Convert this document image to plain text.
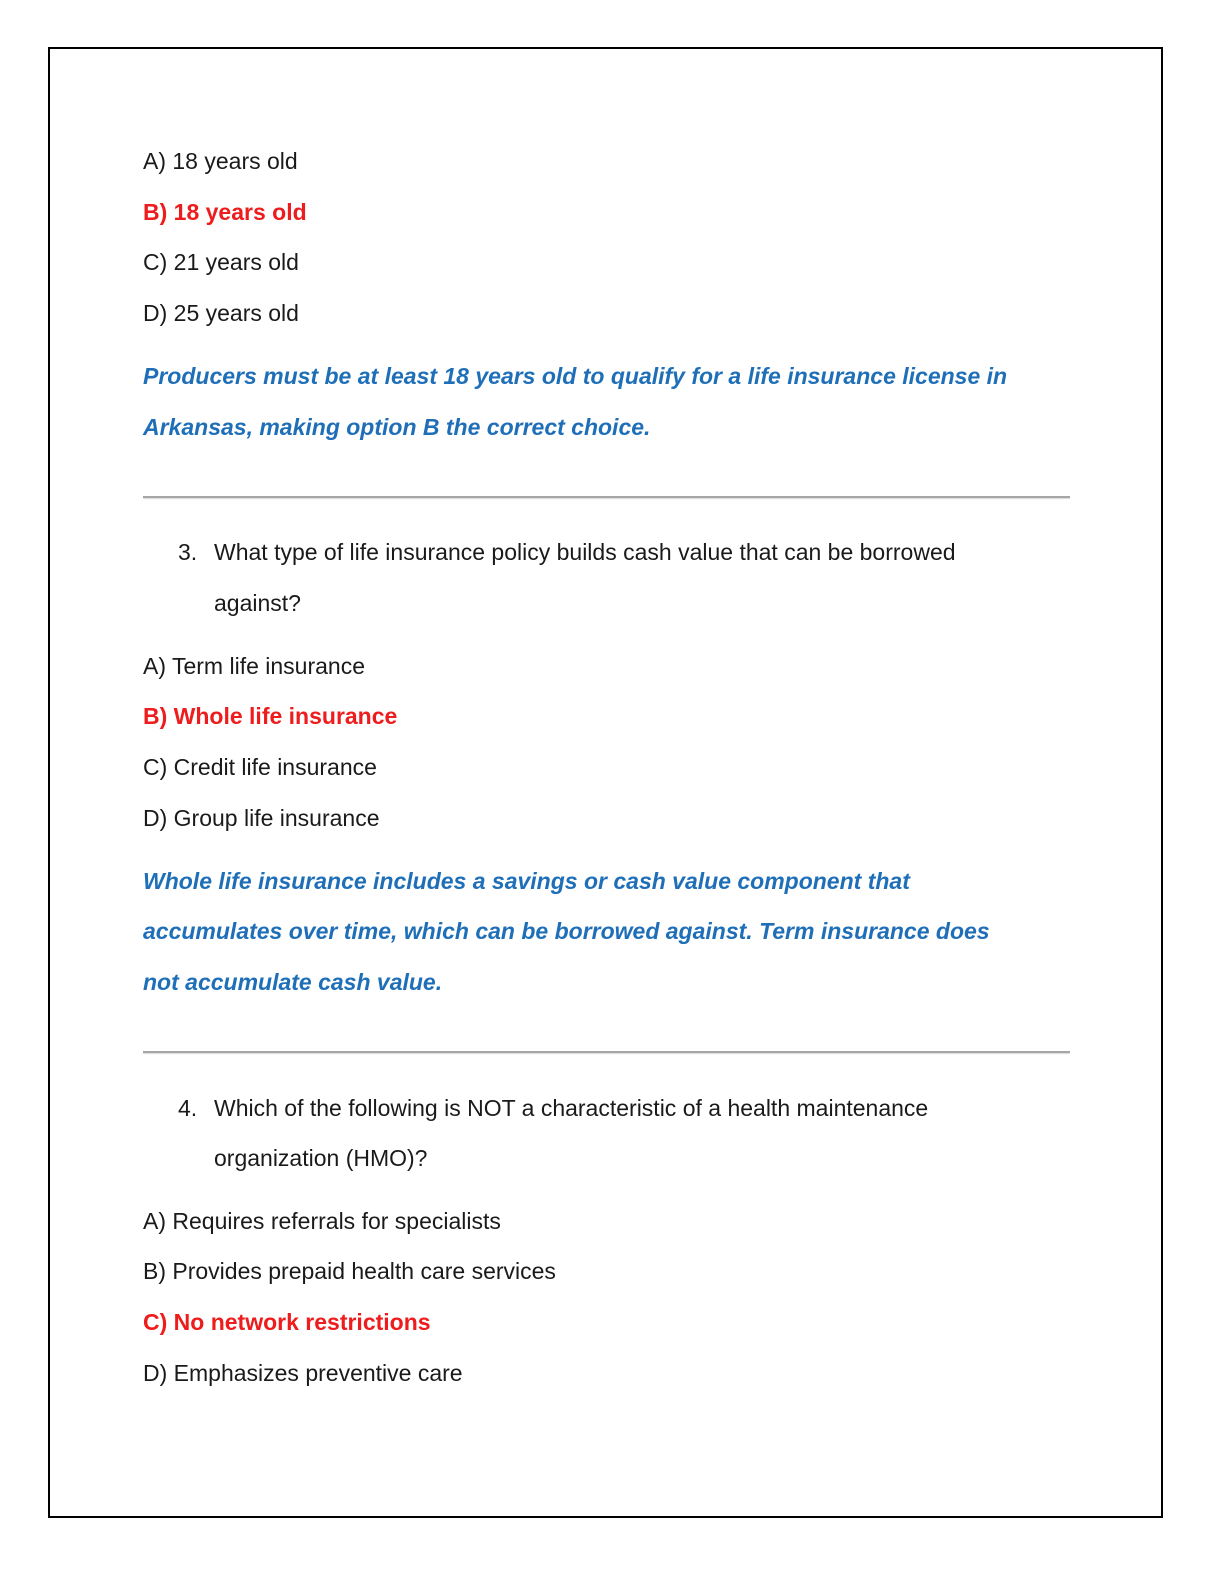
A) 18 years old
B) 18 years old
C) 21 years old
D) 25 years old
Producers must be at least 18 years old to qualify for a life insurance license in
Arkansas, making option B the correct choice.
3. What type of life insurance policy builds cash value that can be borrowed
against?
A) Term life insurance
B) Whole life insurance
C) Credit life insurance
D) Group life insurance
Whole life insurance includes a savings or cash value component that
accumulates over time, which can be borrowed against. Term insurance does
not accumulate cash value.
4. Which of the following is NOT a characteristic of a health maintenance
organization (HMO)?
A) Requires referrals for specialists
B) Provides prepaid health care services
C) No network restrictions
D) Emphasizes preventive care
